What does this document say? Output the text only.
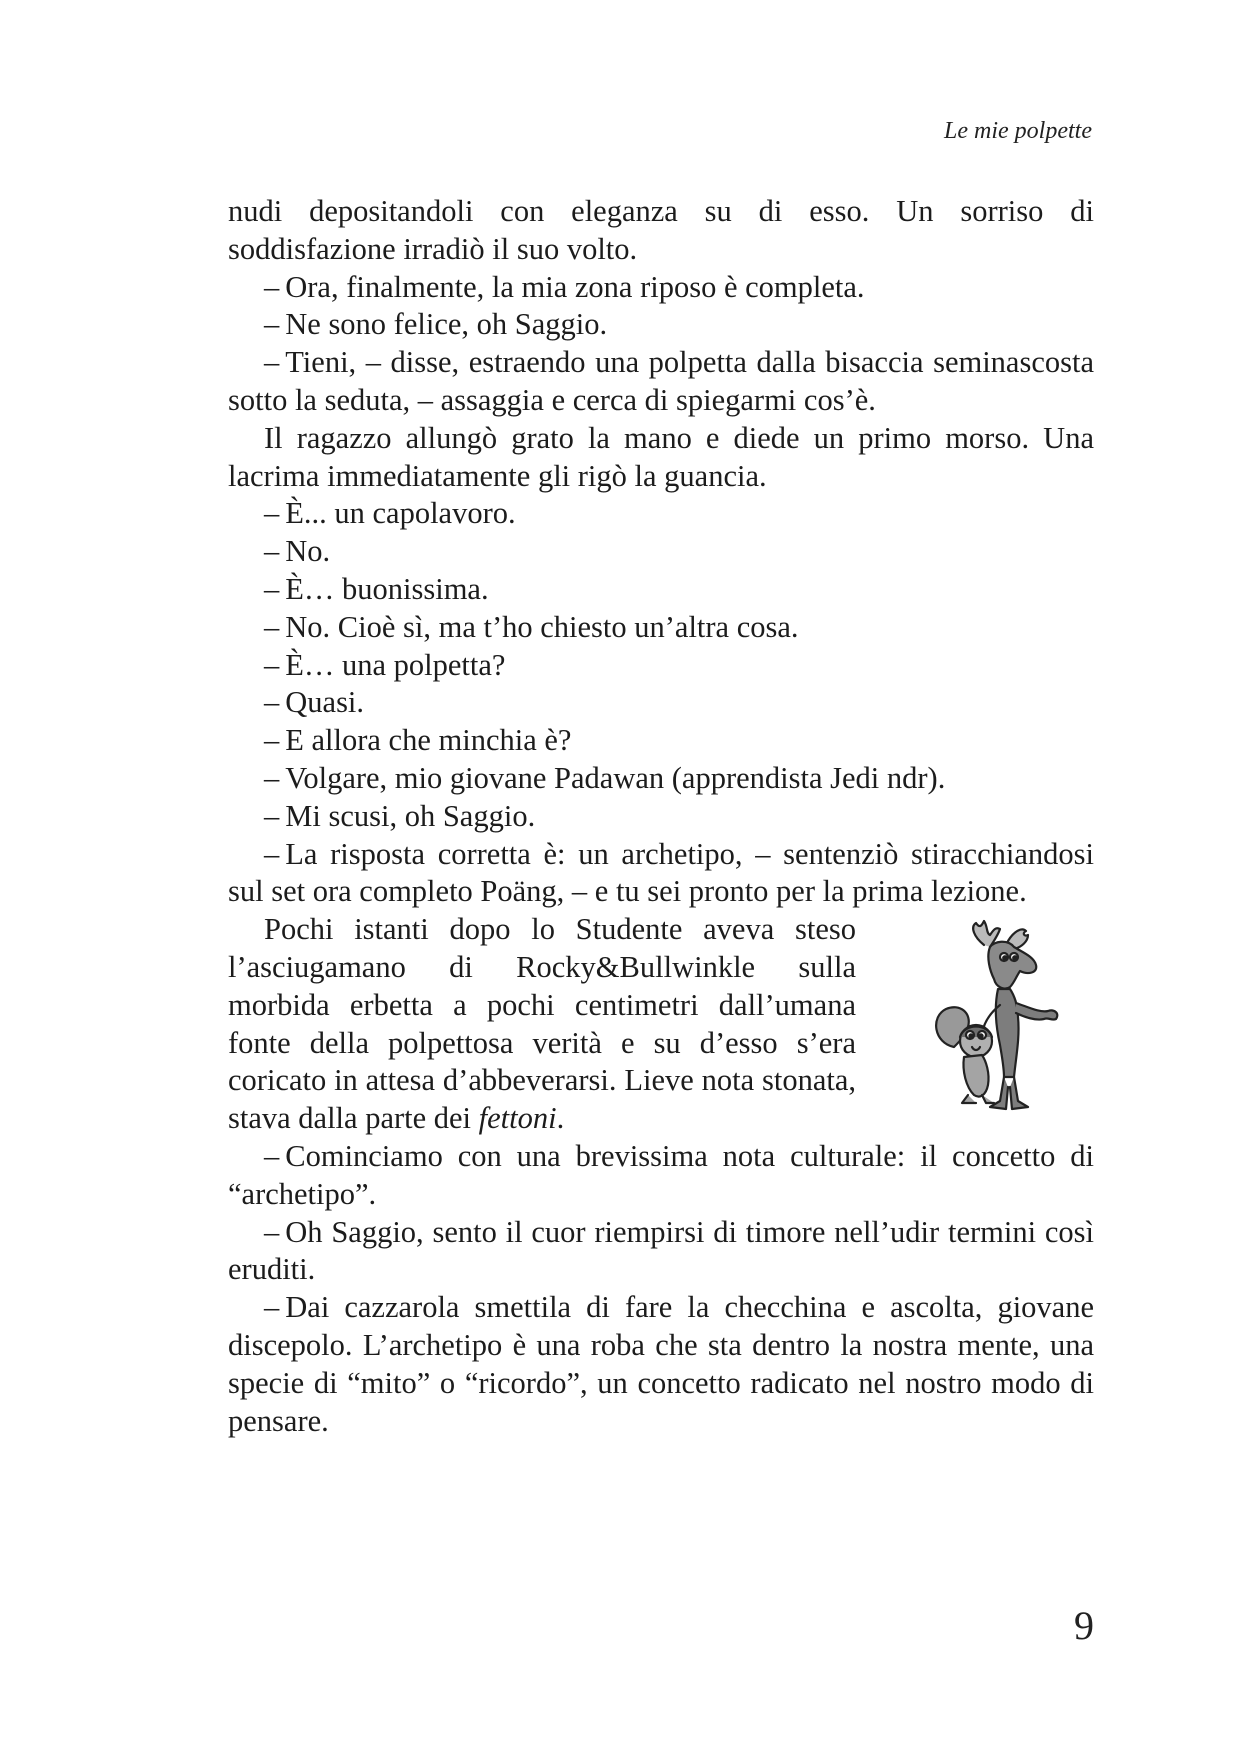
Le mie polpette

nudi depositandoli con eleganza su di esso. Un sorriso di soddisfazione irradiò il suo volto.

– Ora, finalmente, la mia zona riposo è completa.

– Ne sono felice, oh Saggio.

– Tieni, – disse, estraendo una polpetta dalla bisaccia seminascosta sotto la seduta, – assaggia e cerca di spiegarmi cos’è.

Il ragazzo allungò grato la mano e diede un primo morso. Una lacrima immediatamente gli rigò la guancia.

– È... un capolavoro.

– No.

– È… buonissima.

– No. Cioè sì, ma t’ho chiesto un’altra cosa.

– È… una polpetta?

– Quasi.

– E allora che minchia è?

– Volgare, mio giovane Padawan (apprendista Jedi ndr).

– Mi scusi, oh Saggio.

– La risposta corretta è: un archetipo, – sentenziò stiracchiandosi sul set ora completo Poäng, – e tu sei pronto per la prima lezione.

Pochi istanti dopo lo Studente aveva steso l’asciugamano di Rocky&Bullwinkle sulla morbida erbetta a pochi centimetri dall’umana fonte della polpettosa verità e su d’esso s’era coricato in attesa d’abbeverarsi. Lieve nota stonata, stava dalla parte dei fettoni.

– Cominciamo con una brevissima nota culturale: il concetto di “archetipo”.

– Oh Saggio, sento il cuor riempirsi di timore nell’udir termini così eruditi.

– Dai cazzarola smettila di fare la checchina e ascolta, giovane discepolo. L’archetipo è una roba che sta dentro la nostra mente, una specie di “mito” o “ricordo”, un concetto radicato nel nostro modo di pensare.

9
